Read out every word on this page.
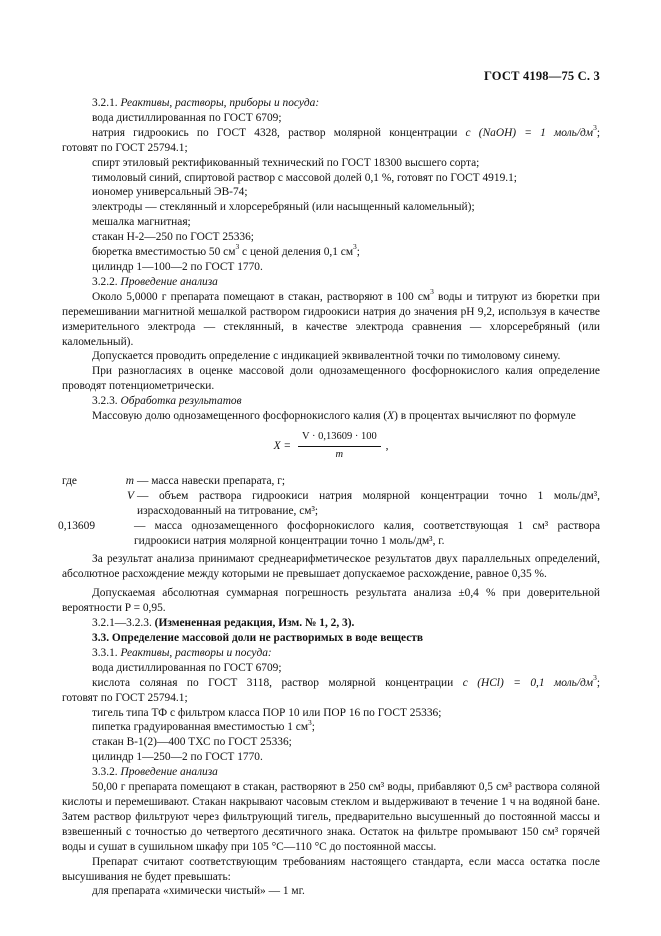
ГОСТ 4198—75 С. 3

3.2.1. Реактивы, растворы, приборы и посуда:

вода дистиллированная по ГОСТ 6709;

натрия гидроокись по ГОСТ 4328, раствор молярной концентрации c (NaOH) = 1 моль/$дм^3$;

готовят по ГОСТ 25794.1;

спирт этиловый ректификованный технический по ГОСТ 18300 высшего сорта;

тимоловый синий, спиртовой раствор с массовой долей 0,1 %, готовят по ГОСТ 4919.1;

иономер универсальный ЭВ-74;

электроды — стеклянный и хлорсеребряный (или насыщенный каломельный);

мешалка магнитная;

стакан Н-2—250 по ГОСТ 25336;

бюретка вместимостью 50 $см^3$ с ценой деления 0,1 $см^3$;

цилиндр 1—100—2 по ГОСТ 1770.

3.2.2. Проведение анализа

Около 5,0000 г препарата помещают в стакан, растворяют в 100 $см^3$ воды и титруют из бюретки при перемешивании магнитной мешалкой раствором гидроокиси натрия до значения рН 9,2, используя в качестве измерительного электрода — стеклянный, в качестве электрода сравнения — хлорсеребряный (или каломельный).

Допускается проводить определение с индикацией эквивалентной точки по тимоловому синему.

При разногласиях в оценке массовой доли однозамещенного фосфорнокислого калия определение проводят потенциометрически.

3.2.3. Обработка результатов

Массовую долю однозамещенного фосфорнокислого калия (X) в процентах вычисляют по формуле

$X = \frac{V \cdot 0,13609 \cdot 100}{m}$ ,
где	m — масса навески препарата, г;
V — объем раствора гидроокиси натрия молярной концентрации точно 1 моль/дм³, израсходованный на титрование, см³;
0,13609	— масса однозамещенного фосфорнокислого калия, соответствующая 1 см³ раствора гидроокиси натрия молярной концентрации точно 1 моль/дм³, г.

За результат анализа принимают среднеарифметическое результатов двух параллельных определений, абсолютное расхождение между которыми не превышает допускаемое расхождение, равное 0,35 %.

Допускаемая абсолютная суммарная погрешность результата анализа ±0,4 % при доверительной вероятности P = 0,95.

3.2.1—3.2.3. (Измененная редакция, Изм. № 1, 2, 3).

3.3. Определение массовой доли не растворимых в воде веществ

3.3.1. Реактивы, растворы и посуда:

вода дистиллированная по ГОСТ 6709;

кислота соляная по ГОСТ 3118, раствор молярной концентрации c (HCl) = 0,1 моль/$дм^3$;

готовят по ГОСТ 25794.1;

тигель типа ТФ с фильтром класса ПОР 10 или ПОР 16 по ГОСТ 25336;

пипетка градуированная вместимостью 1 $см^3$;

стакан В-1(2)—400 ТХС по ГОСТ 25336;

цилиндр 1—250—2 по ГОСТ 1770.

3.3.2. Проведение анализа

50,00 г препарата помещают в стакан, растворяют в 250 см³ воды, прибавляют 0,5 см³ раствора соляной кислоты и перемешивают. Стакан накрывают часовым стеклом и выдерживают в течение 1 ч на водяной бане. Затем раствор фильтруют через фильтрующий тигель, предварительно высушенный до постоянной массы и взвешенный с точностью до четвертого десятичного знака. Остаток на фильтре промывают 150 см³ горячей воды и сушат в сушильном шкафу при 105 °С—110 °С до постоянной массы.

Препарат считают соответствующим требованиям настоящего стандарта, если масса остатка после высушивания не будет превышать:

для препарата «химически чистый» — 1 мг.
